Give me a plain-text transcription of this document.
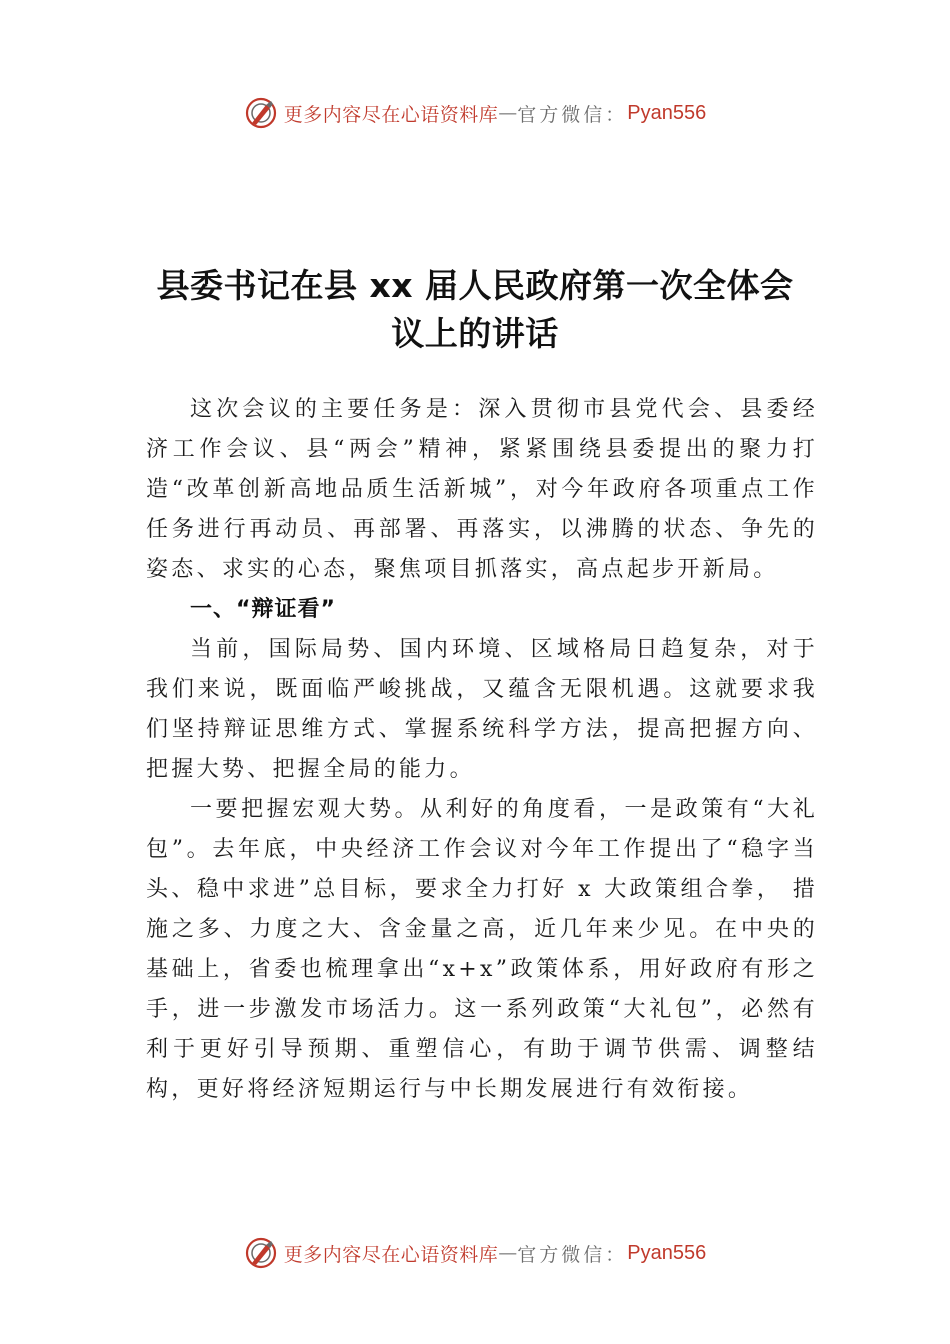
更多内容尽在心语资料库 — 官方微信： Pyan556
县委书记在县 xx 届人民政府第一次全体会
议上的讲话

这次会议的主要任务是：深入贯彻市县党代会、县委经济工作会议、县“两会”精神，紧紧围绕县委提出的聚力打造“改革创新高地品质生活新城”，对今年政府各项重点工作任务进行再动员、再部署、再落实，以沸腾的状态、争先的姿态、求实的心态，聚焦项目抓落实，高点起步开新局。

一、“辩证看”

当前，国际局势、国内环境、区域格局日趋复杂，对于我们来说，既面临严峻挑战，又蕴含无限机遇。这就要求我们坚持辩证思维方式、掌握系统科学方法，提高把握方向、把握大势、把握全局的能力。

一要把握宏观大势。从利好的角度看，一是政策有“大礼包”。去年底，中央经济工作会议对今年工作提出了“稳字当头、稳中求进”总目标，要求全力打好 x 大政策组合拳， 措施之多、力度之大、含金量之高，近几年来少见。在中央的基础上，省委也梳理拿出“x+x”政策体系，用好政府有形之手，进一步激发市场活力。这一系列政策“大礼包”，必然有利于更好引导预期、重塑信心，有助于调节供需、调整结构，更好将经济短期运行与中长期发展进行有效衔接。

更多内容尽在心语资料库 — 官方微信： Pyan556
